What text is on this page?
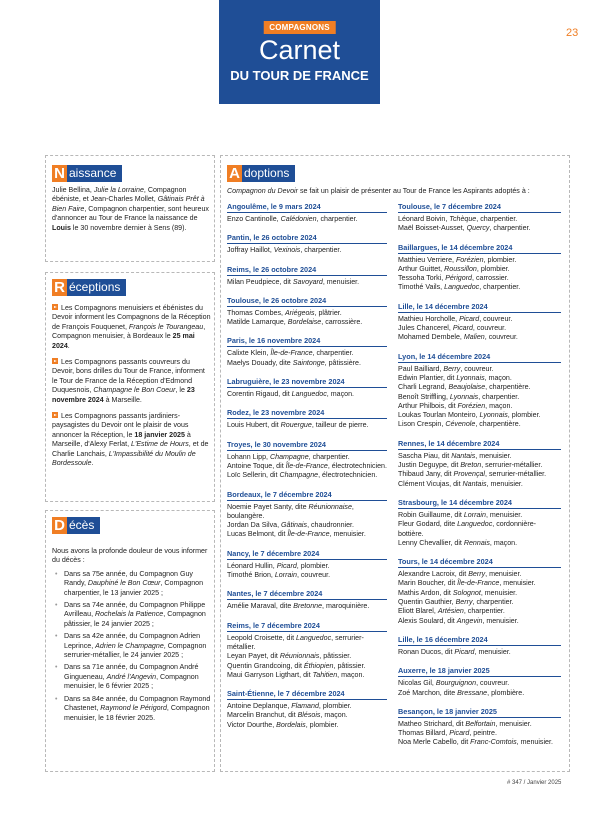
COMPAGNONS
Carnet
DU TOUR DE FRANCE
23
N aissance
Julie Bellina, Julie la Lorraine, Compagnon ébéniste, et Jean-Charles Mollet, Gâtinais Prêt à Bien Faire, Compagnon charpentier, sont heureux d'annoncer au Tour de France la naissance de Louis le 30 novembre dernier à Sens (89).
R éceptions
Les Compagnons menuisiers et ébénistes du Devoir informent les Compagnons de la Réception de François Fouquenet, François le Tourangeau, Compagnon menuisier, à Bordeaux le 25 mai 2024.
Les Compagnons passants couvreurs du Devoir, bons drilles du Tour de France, informent le Tour de France de la Réception d'Edmond Duquesnois, Champagne le Bon Coeur, le 23 novembre 2024 à Marseille.
Les Compagnons passants jardiniers-paysagistes du Devoir ont le plaisir de vous annoncer la Réception, le 18 janvier 2025 à Marseille, d'Alexy Ferlat, L'Estime de Hours, et de Charlie Lanchais, L'Impassibilité du Moulin de Bordessoule.
D écès
Nous avons la profonde douleur de vous informer du décès :
• Dans sa 75e année, du Compagnon Guy Randy, Dauphiné le Bon Cœur, Compagnon charpentier, le 13 janvier 2025 ;
• Dans sa 74e année, du Compagnon Philippe Avrilleau, Rochelais la Patience, Compagnon pâtissier, le 24 janvier 2025 ;
• Dans sa 42e année, du Compagnon Adrien Leprince, Adrien le Champagne, Compagnon serrurier-métallier, le 24 janvier 2025 ;
• Dans sa 71e année, du Compagnon André Gingueneau, André l'Angevin, Compagnon menuisier, le 6 février 2025 ;
• Dans sa 84e année, du Compagnon Raymond Chastenet, Raymond le Périgord, Compagnon menuisier, le 18 février 2025.
A doptions
Compagnon du Devoir se fait un plaisir de présenter au Tour de France les Aspirants adoptés à :
Angoulême, le 9 mars 2024
Enzo Cantinolle, Calédonien, charpentier.
Pantin, le 26 octobre 2024
Joffray Haillot, Vexinois, charpentier.
Reims, le 26 octobre 2024
Milan Peudpiece, dit Savoyard, menuisier.
Toulouse, le 26 octobre 2024
Thomas Combes, Ariégeois, plâtrier.
Matilde Lamarque, Bordelaise, carrossière.
Paris, le 16 novembre 2024
Calixte Klein, Île-de-France, charpentier.
Maelys Douady, dite Saintonge, pâtissière.
Labruguière, le 23 novembre 2024
Corentin Rigaud, dit Languedoc, maçon.
Rodez, le 23 novembre 2024
Louis Hubert, dit Rouergue, tailleur de pierre.
Troyes, le 30 novembre 2024
Lohann Lipp, Champagne, charpentier.
Antoine Toque, dit Île-de-France, électrotechnicien.
Loïc Sellerin, dit Champagne, électrotechnicien.
Bordeaux, le 7 décembre 2024
Noemie Payet Santy, dite Réunionnaise, boulangère.
Jordan Da Silva, Gâtinais, chaudronnier.
Lucas Belmont, dit Île-de-France, menuisier.
Nancy, le 7 décembre 2024
Léonard Hullin, Picard, plombier.
Timothé Brion, Lorrain, couvreur.
Nantes, le 7 décembre 2024
Amélie Maraval, dite Bretonne, maroquinière.
Reims, le 7 décembre 2024
Leopold Croisette, dit Languedoc, serrurier-métallier.
Leyan Payet, dit Réunionnais, pâtissier.
Quentin Grandcoing, dit Éthiopien, pâtissier.
Maui Garryson Ligthart, dit Tahitien, maçon.
Saint-Étienne, le 7 décembre 2024
Antoine Deplanque, Flamand, plombier.
Marcelin Branchut, dit Blésois, maçon.
Victor Dourthe, Bordelais, plombier.
Toulouse, le 7 décembre 2024
Léonard Boivin, Tchèque, charpentier.
Maël Boisset-Ausset, Quercy, charpentier.
Baillargues, le 14 décembre 2024
Matthieu Verriere, Forézien, plombier.
Arthur Guittet, Roussillon, plombier.
Tessoha Torki, Périgord, carrossier.
Timothé Vails, Languedoc, charpentier.
Lille, le 14 décembre 2024
Mathieu Horcholle, Picard, couvreur.
Jules Chancerel, Picard, couvreur.
Mohamed Dembele, Malien, couvreur.
Lyon, le 14 décembre 2024
Paul Bailliard, Berry, couvreur.
Edwin Plantier, dit Lyonnais, maçon.
Charli Legrand, Beaujolaise, charpentière.
Benoît Striffling, Lyonnais, charpentier.
Arthur Philbois, dit Forézien, maçon.
Loukas Tourlan Monteiro, Lyonnais, plombier.
Lison Crespin, Cévenole, charpentière.
Rennes, le 14 décembre 2024
Sascha Piau, dit Nantais, menuisier.
Justin Deguype, dit Breton, serrurier-métallier.
Thibaud Jany, dit Provençal, serrurier-métallier.
Clément Vicujas, dit Nantais, menuisier.
Strasbourg, le 14 décembre 2024
Robin Guillaume, dit Lorrain, menuisier.
Fleur Godard, dite Languedoc, cordonnière-bottière.
Lenny Chevallier, dit Rennais, maçon.
Tours, le 14 décembre 2024
Alexandre Lacroix, dit Berry, menuisier.
Marin Boucher, dit Île-de-France, menuisier.
Mathis Ardon, dit Solognot, menuisier.
Quentin Gauthier, Berry, charpentier.
Eliott Blarel, Artésien, charpentier.
Alexis Soulard, dit Angevin, menuisier.
Lille, le 16 décembre 2024
Ronan Ducos, dit Picard, menuisier.
Auxerre, le 18 janvier 2025
Nicolas Gil, Bourguignon, couvreur.
Zoé Marchon, dite Bressane, plombière.
Besançon, le 18 janvier 2025
Matheo Strichard, dit Belfortain, menuisier.
Thomas Billard, Picard, peintre.
Noa Merle Cabello, dit Franc-Comtois, menuisier.
# 347 / Janvier 2025
